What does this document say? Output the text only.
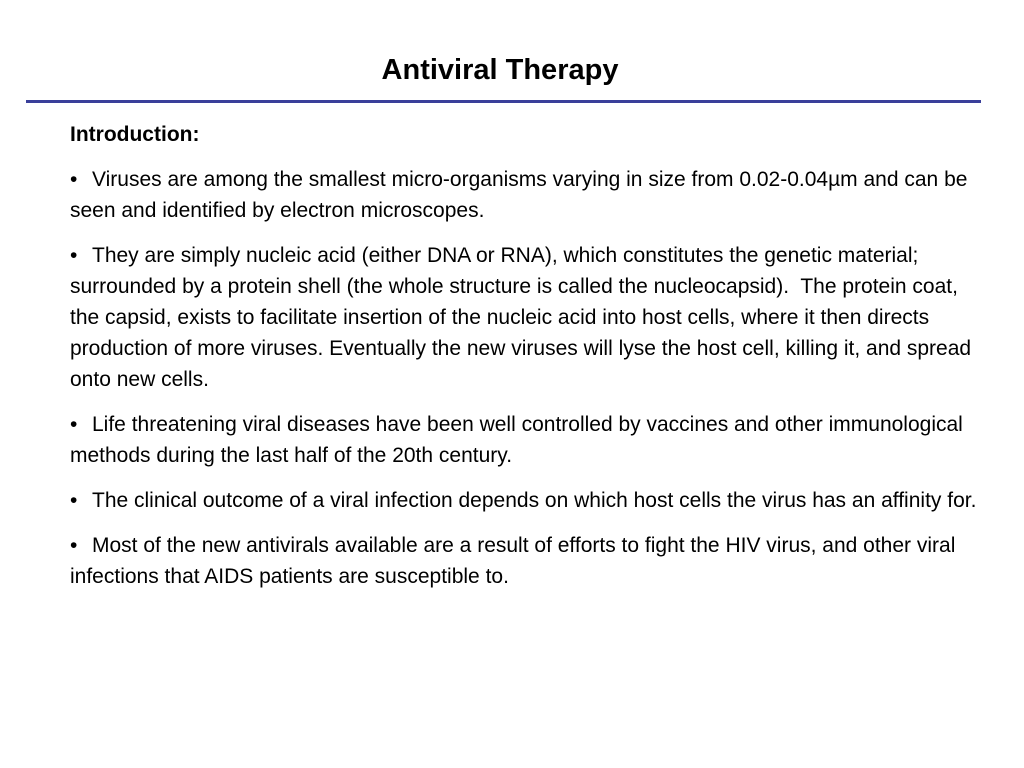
Antiviral Therapy
Introduction:
• Viruses are among the smallest micro-organisms varying in size from 0.02-0.04µm and can be seen and identified by electron microscopes.
• They are simply nucleic acid (either DNA or RNA), which constitutes the genetic material; surrounded by a protein shell (the whole structure is called the nucleocapsid).  The protein coat, the capsid, exists to facilitate insertion of the nucleic acid into host cells, where it then directs production of more viruses. Eventually the new viruses will lyse the host cell, killing it, and spread onto new cells.
• Life threatening viral diseases have been well controlled by vaccines and other immunological methods during the last half of the 20th century.
• The clinical outcome of a viral infection depends on which host cells the virus has an affinity for.
• Most of the new antivirals available are a result of efforts to fight the HIV virus, and other viral infections that AIDS patients are susceptible to.
